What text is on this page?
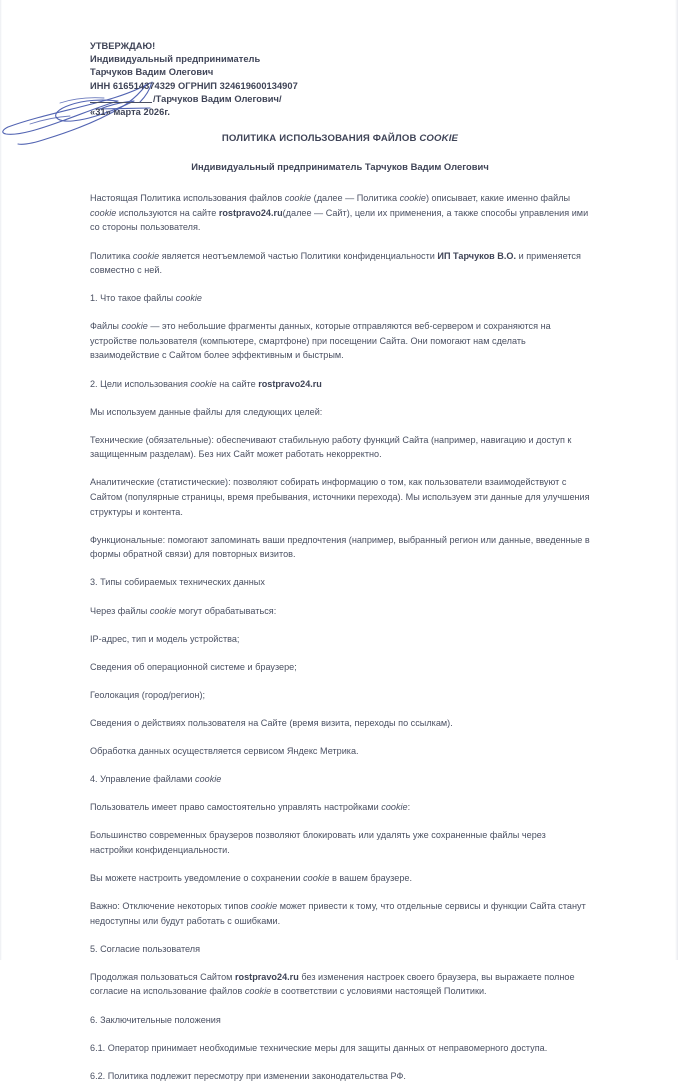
УТВЕРЖДАЮ!
Индивидуальный предприниматель
Тарчуков Вадим Олегович
ИНН 616514374329 ОГРНИП 324619600134907
/Тарчуков Вадим Олегович/
«31» марта 2026г.
ПОЛИТИКА ИСПОЛЬЗОВАНИЯ ФАЙЛОВ COOKIE
Индивидуальный предприниматель Тарчуков Вадим Олегович

Настоящая Политика использования файлов cookie (далее — Политика cookie) описывает, какие именно файлы cookie используются на сайте rostpravo24.ru(далее — Сайт), цели их применения, а также способы управления ими со стороны пользователя.

Политика cookie является неотъемлемой частью Политики конфиденциальности ИП Тарчуков В.О. и применяется совместно с ней.

1. Что такое файлы cookie

Файлы cookie — это небольшие фрагменты данных, которые отправляются веб-сервером и сохраняются на устройстве пользователя (компьютере, смартфоне) при посещении Сайта. Они помогают нам сделать взаимодействие с Сайтом более эффективным и быстрым.

2. Цели использования cookie на сайте rostpravo24.ru

Мы используем данные файлы для следующих целей:

Технические (обязательные): обеспечивают стабильную работу функций Сайта (например, навигацию и доступ к защищенным разделам). Без них Сайт может работать некорректно.

Аналитические (статистические): позволяют собирать информацию о том, как пользователи взаимодействуют с Сайтом (популярные страницы, время пребывания, источники перехода). Мы используем эти данные для улучшения структуры и контента.

Функциональные: помогают запоминать ваши предпочтения (например, выбранный регион или данные, введенные в формы обратной связи) для повторных визитов.

3. Типы собираемых технических данных

Через файлы cookie могут обрабатываться:

IP-адрес, тип и модель устройства;

Сведения об операционной системе и браузере;

Геолокация (город/регион);

Сведения о действиях пользователя на Сайте (время визита, переходы по ссылкам).

Обработка данных осуществляется сервисом Яндекс Метрика.

4. Управление файлами cookie

Пользователь имеет право самостоятельно управлять настройками cookie:

Большинство современных браузеров позволяют блокировать или удалять уже сохраненные файлы через настройки конфиденциальности.

Вы можете настроить уведомление о сохранении cookie в вашем браузере.

Важно: Отключение некоторых типов cookie может привести к тому, что отдельные сервисы и функции Сайта станут недоступны или будут работать с ошибками.

5. Согласие пользователя

Продолжая пользоваться Сайтом rostpravo24.ru без изменения настроек своего браузера, вы выражаете полное согласие на использование файлов cookie в соответствии с условиями настоящей Политики.

6. Заключительные положения

6.1. Оператор принимает необходимые технические меры для защиты данных от неправомерного доступа.

6.2. Политика подлежит пересмотру при изменении законодательства РФ.
